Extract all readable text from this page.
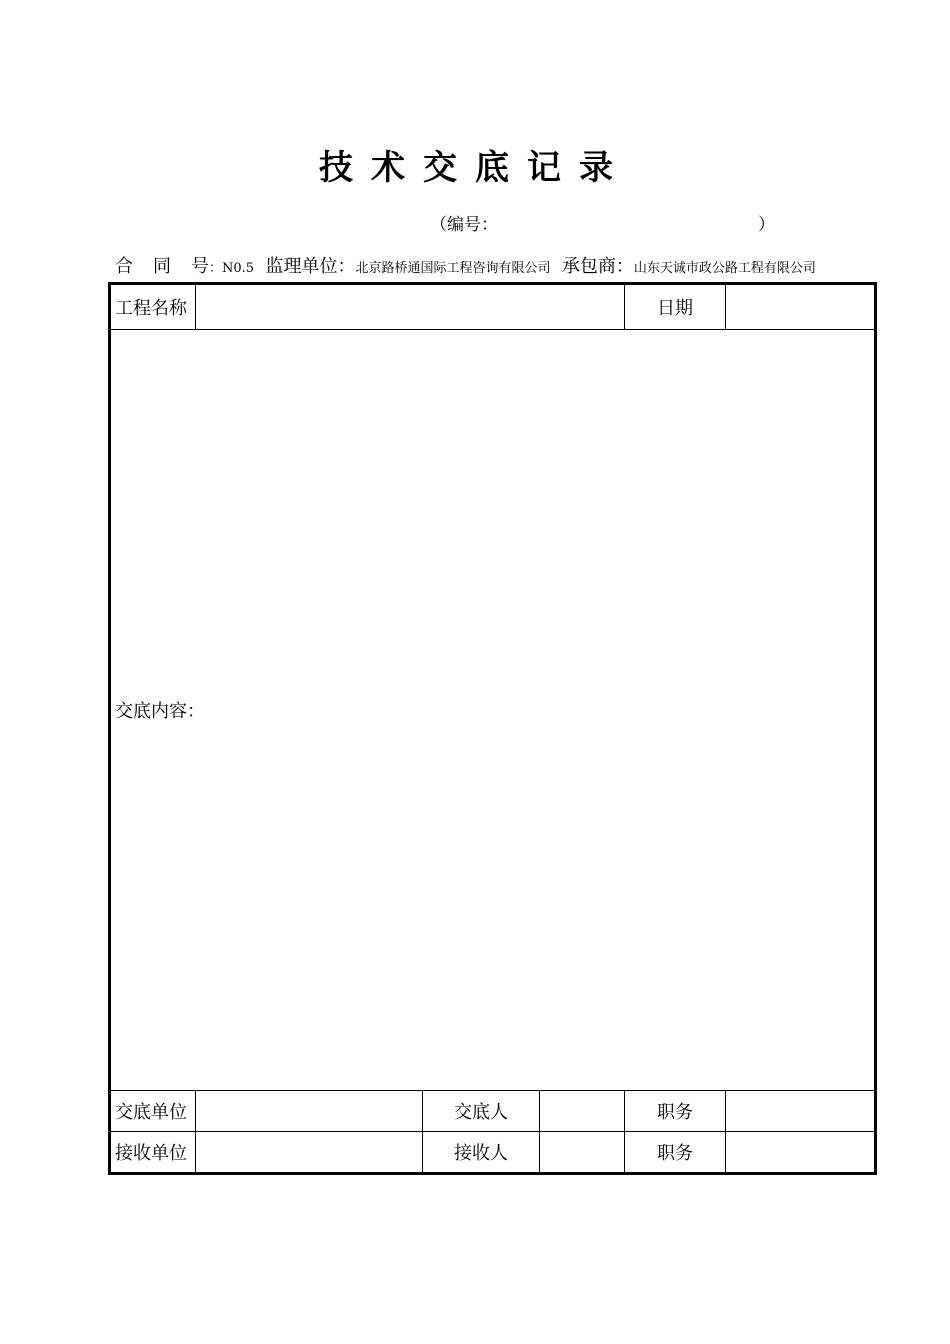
技术交底记录
（编号：	）
合 同 号：N0.5 监理单位：北京路桥通国际工程咨询有限公司 承包商：山东天诚市政公路工程有限公司
工程名称				日期	
交底内容：					
交底单位		交底人		职务	
接收单位		接收人		职务	
